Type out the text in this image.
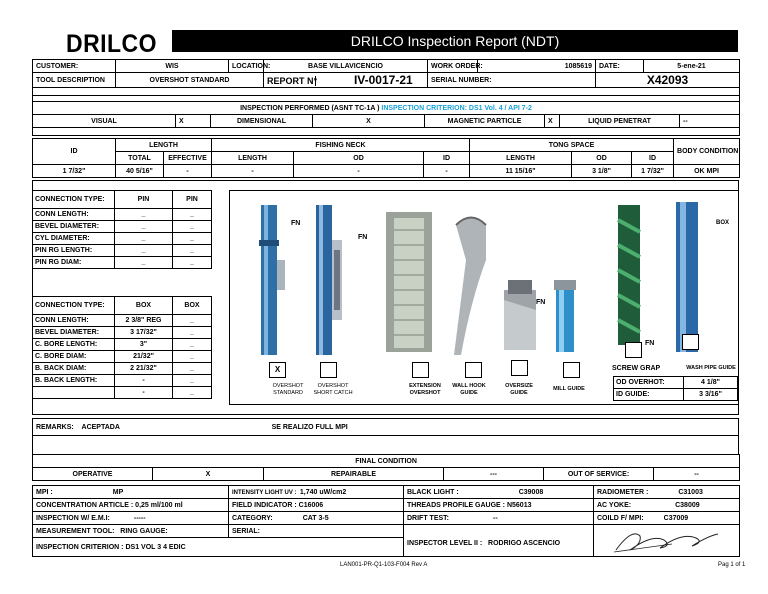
DRILCO	DRILCO Inspection Report (NDT)
CUSTOMER:	WIS	LOCATION:	BASE VILLAVICENCIO	WORK ORDER:	1085619	DATE:	5-ene-21
TOOL DESCRIPTION	OVERSHOT STANDARD		REPORT N° IV-0017-21	SERIAL NUMBER:		X42093	

INSPECTION PERFORMED (ASNT TC-1A ) INSPECTION CRITERION: DS1 Vol. 4 / API 7-2							
VISUAL	X	DIMENSIONAL	X	MAGNETIC PARTICLE	X	LIQUID PENETRAT	--

ID	LENGTH		FISHING NECK			TONG SPACE			BODY CONDITION
	TOTAL	EFFECTIVE	LENGTH	OD	ID	LENGTH	OD	ID	
1 7/32"	40 5/16"	-	-	-	-	11 15/16"	3 1/8"	1 7/32"	OK MPI
CONNECTION TYPE:	PIN	PIN
CONN LENGTH:	_	_
BEVEL DIAMETER:	_	_
CYL DIAMETER:	_	_
PIN RG LENGTH:	_	_
PIN RG DIAM:	_	_
CONNECTION TYPE:	BOX	BOX
CONN LENGTH:	2 3/8" REG	_
BEVEL DIAMETER:	3 17/32"	_
C. BORE LENGTH:	3"	_
C. BORE DIAM:	21/32"	_
B. BACK DIAM:	2 21/32"	_
B. BACK LENGTH:	-	_
	-	_
FN
FN
FN
FN
BOX
X
OVERSHOT STANDARD
OVERSHOT SHORT CATCH
EXTENSION OVERSHOT
WALL HOOK GUIDE
OVERSIZE GUIDE
MILL GUIDE
SCREW GRAP	WASH PIPE GUIDE
OD OVERHOT:	4 1/8"
ID GUIDE:	3 3/16"
REMARKS: ACEPTADA	SE REALIZO FULL MPI

FINAL CONDITION
OPERATIVE	X	REPAIRABLE	---	OUT OF SERVICE:	--
MPI : MP	INTENSITY LIGHT UV : 1,740 uW/cm2	BLACK LIGHT : C39008	RADIOMETER : C31003
CONCENTRATION ARTICLE : 0,25 ml/100 ml	FIELD INDICATOR : C16006	THREADS PROFILE GAUGE : N56013	AC YOKE: C38009
INSPECTION W/ E.M.I: -----	CATEGORY: CAT 3-5	DRIFT TEST: --	COILD F/ MPI: C37009
MEASUREMENT TOOL: RING GAUGE:	SERIAL:	INSPECTOR LEVEL II : RODRIGO ASCENCIO	
INSPECTION CRITERION : DS1 VOL 3 4 EDIC			
LAN001-PR-Q1-103-F004 Rev A	Pag 1 of 1
